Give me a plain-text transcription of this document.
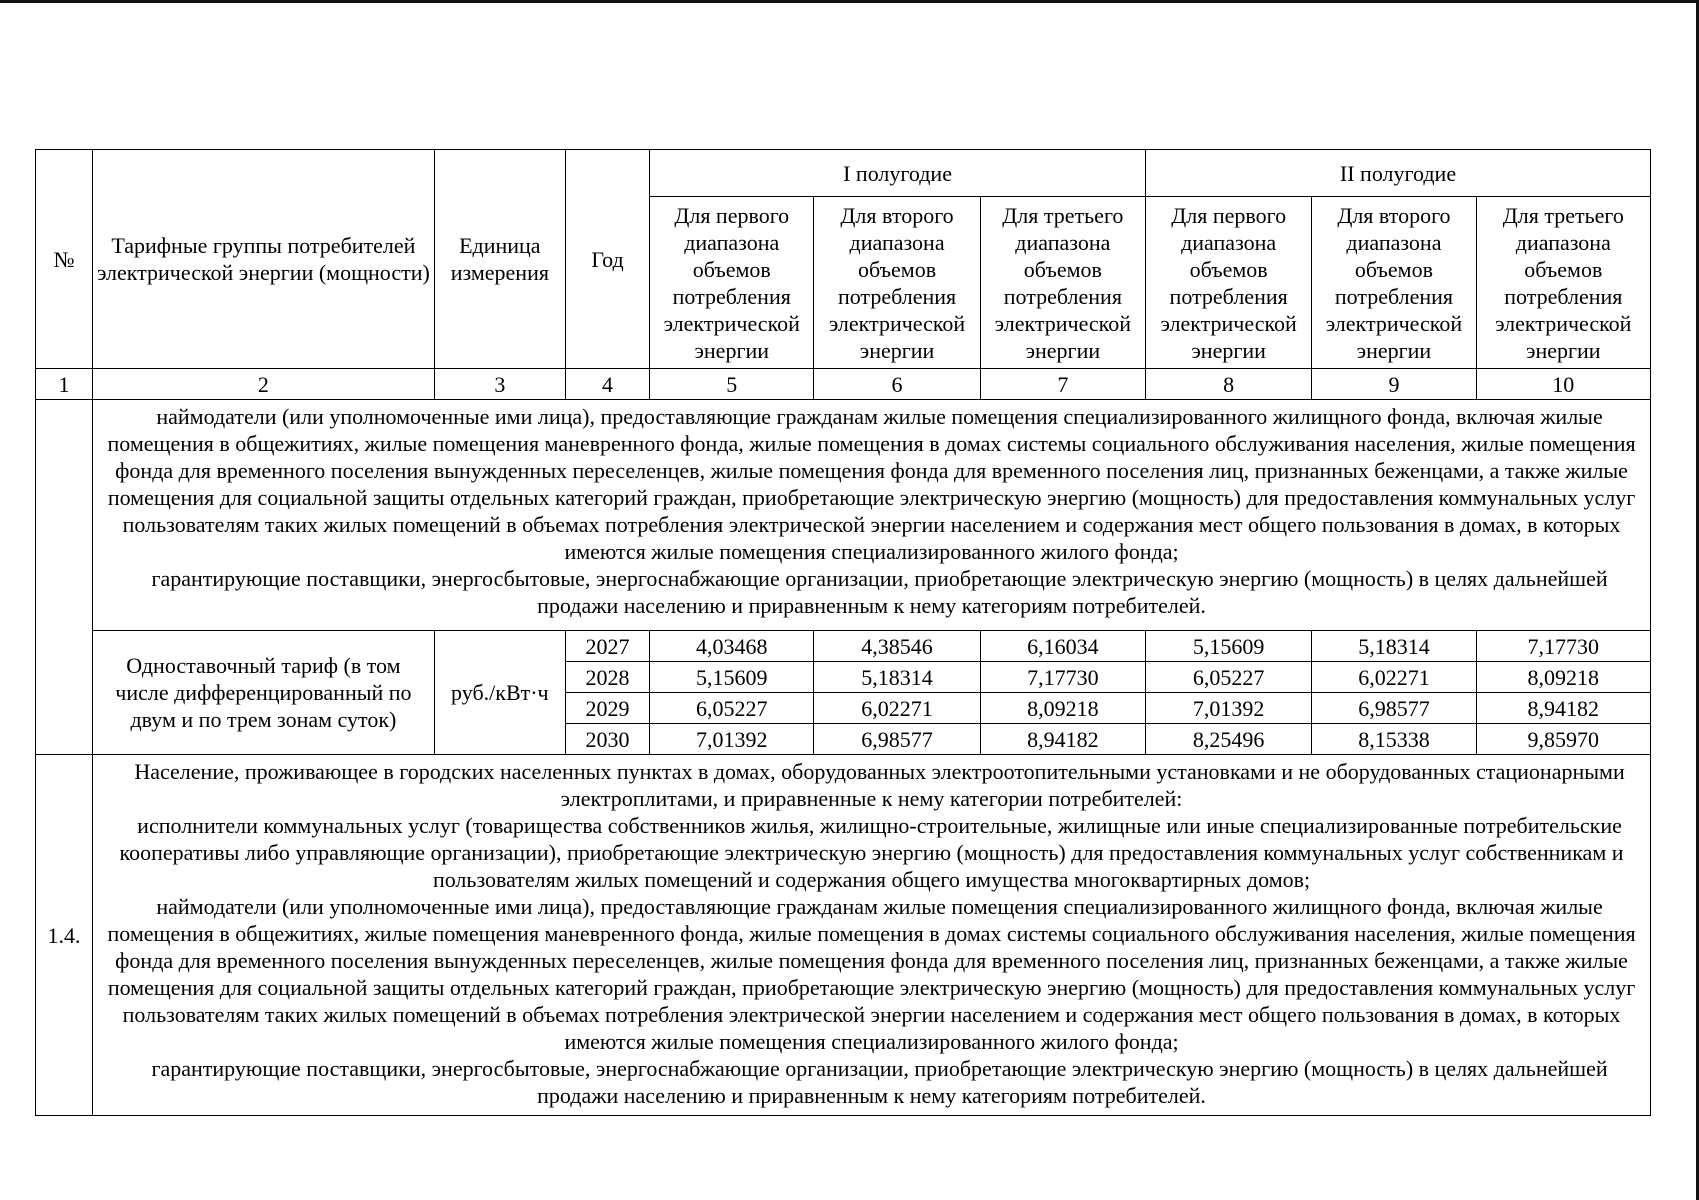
№	Тарифные группы потребителей электрической энергии (мощности)	Единица измерения	Год	I полугодие			II полугодие		
				Для первого диапазона объемов потребления электрической энергии	Для второго диапазона объемов потребления электрической энергии	Для третьего диапазона объемов потребления электрической энергии	Для первого диапазона объемов потребления электрической энергии	Для второго диапазона объемов потребления электрической энергии	Для третьего диапазона объемов потребления электрической энергии
1	2	3	4	5	6	7	8	9	10

	наймодатели (или уполномоченные ими лица), предоставляющие гражданам жилые помещения специализированного жилищного фонда, включая жилые помещения в общежитиях, жилые помещения маневренного фонда, жилые помещения в домах системы социального обслуживания населения, жилые помещения фонда для временного поселения вынужденных переселенцев, жилые помещения фонда для временного поселения лиц, признанных беженцами, а также жилые помещения для социальной защиты отдельных категорий граждан, приобретающие электрическую энергию (мощность) для предоставления коммунальных услуг пользователям таких жилых помещений в объемах потребления электрической энергии населением и содержания мест общего пользования в домах, в которых имеются жилые помещения специализированного жилого фонда;

гарантирующие поставщики, энергосбытовые, энергоснабжающие организации, приобретающие электрическую энергию (мощность) в целях дальнейшей продажи населению и приравненным к нему категориям потребителей.								

	Одноставочный тариф (в том числе дифференцированный по двум и по трем зонам суток)	руб./кВт·ч	2027	4,03468	4,38546	6,16034	5,15609	5,18314	7,17730
			2028	5,15609	5,18314	7,17730	6,05227	6,02271	8,09218
			2029	6,05227	6,02271	8,09218	7,01392	6,98577	8,94182
			2030	7,01392	6,98577	8,94182	8,25496	8,15338	9,85970
1.4.	Население, проживающее в городских населенных пунктах в домах, оборудованных электроотопительными установками и не оборудованных стационарными электроплитами, и приравненные к нему категории потребителей:

исполнители коммунальных услуг (товарищества собственников жилья, жилищно-строительные, жилищные или иные специализированные потребительские кооперативы либо управляющие организации), приобретающие электрическую энергию (мощность) для предоставления коммунальных услуг собственникам и пользователям жилых помещений и содержания общего имущества многоквартирных домов;

наймодатели (или уполномоченные ими лица), предоставляющие гражданам жилые помещения специализированного жилищного фонда, включая жилые помещения в общежитиях, жилые помещения маневренного фонда, жилые помещения в домах системы социального обслуживания населения, жилые помещения фонда для временного поселения вынужденных переселенцев, жилые помещения фонда для временного поселения лиц, признанных беженцами, а также жилые помещения для социальной защиты отдельных категорий граждан, приобретающие электрическую энергию (мощность) для предоставления коммунальных услуг пользователям таких жилых помещений в объемах потребления электрической энергии населением и содержания мест общего пользования в домах, в которых имеются жилые помещения специализированного жилого фонда;

гарантирующие поставщики, энергосбытовые, энергоснабжающие организации, приобретающие электрическую энергию (мощность) в целях дальнейшей продажи населению и приравненным к нему категориям потребителей.								
